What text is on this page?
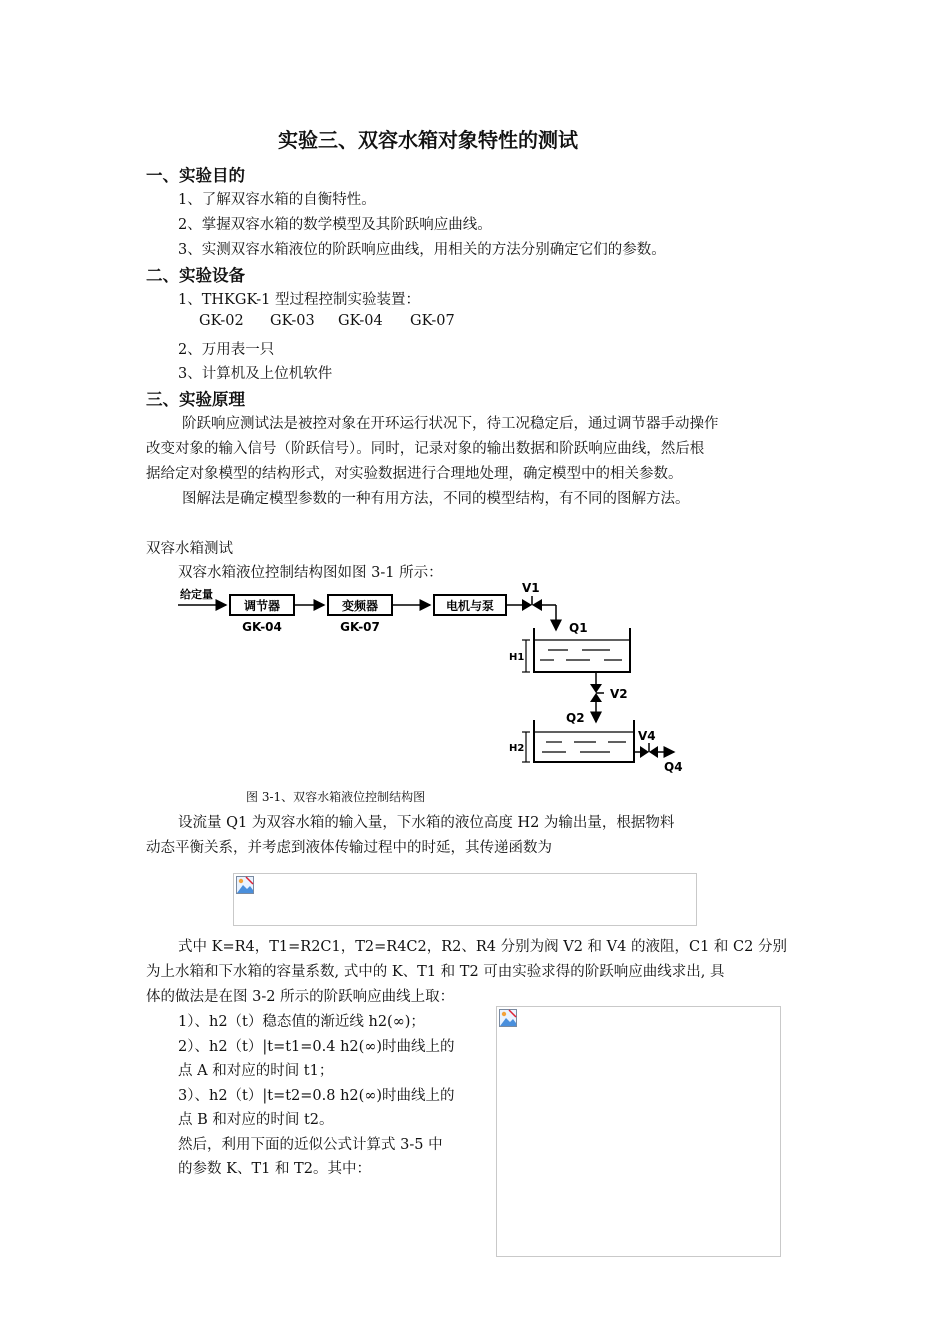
实验三、双容水箱对象特性的测试
一、实验目的
1、了解双容水箱的自衡特性。
2、掌握双容水箱的数学模型及其阶跃响应曲线。
3、实测双容水箱液位的阶跃响应曲线，用相关的方法分别确定它们的参数。
二、实验设备
1、THKGK-1 型过程控制实验装置：
GK-02 GK-03 GK-04 GK-07
2、万用表一只
3、计算机及上位机软件
三、实验原理
阶跃响应测试法是被控对象在开环运行状况下，待工况稳定后，通过调节器手动操作
改变对象的输入信号（阶跃信号）。同时，记录对象的输出数据和阶跃响应曲线，然后根
据给定对象模型的结构形式，对实验数据进行合理地处理，确定模型中的相关参数。
图解法是确定模型参数的一种有用方法，不同的模型结构，有不同的图解方法。
双容水箱测试
双容水箱液位控制结构图如图 3-1 所示：
给定量
调节器
GK-04
变频器
GK-07
电机与泵
V1
Q1
H1
V2
Q2
H2
V4
Q4
图 3-1、双容水箱液位控制结构图
设流量 Q1 为双容水箱的输入量，下水箱的液位高度 H2 为输出量，根据物料
动态平衡关系，并考虑到液体传输过程中的时延，其传递函数为
式中 K=R4，T1=R2C1，T2=R4C2，R2、R4 分别为阀 V2 和 V4 的液阻，C1 和 C2 分别
为上水箱和下水箱的容量系数, 式中的 K、T1 和 T2 可由实验求得的阶跃响应曲线求出, 具
体的做法是在图 3-2 所示的阶跃响应曲线上取：
1）、h2（t）稳态值的渐近线 h2(∞)；
2）、h2（t）|t=t1=0.4 h2(∞)时曲线上的
点 A 和对应的时间 t1；
3）、h2（t）|t=t2=0.8 h2(∞)时曲线上的
点 B 和对应的时间 t2。
然后，利用下面的近似公式计算式 3-5 中
的参数 K、T1 和 T2。其中：
